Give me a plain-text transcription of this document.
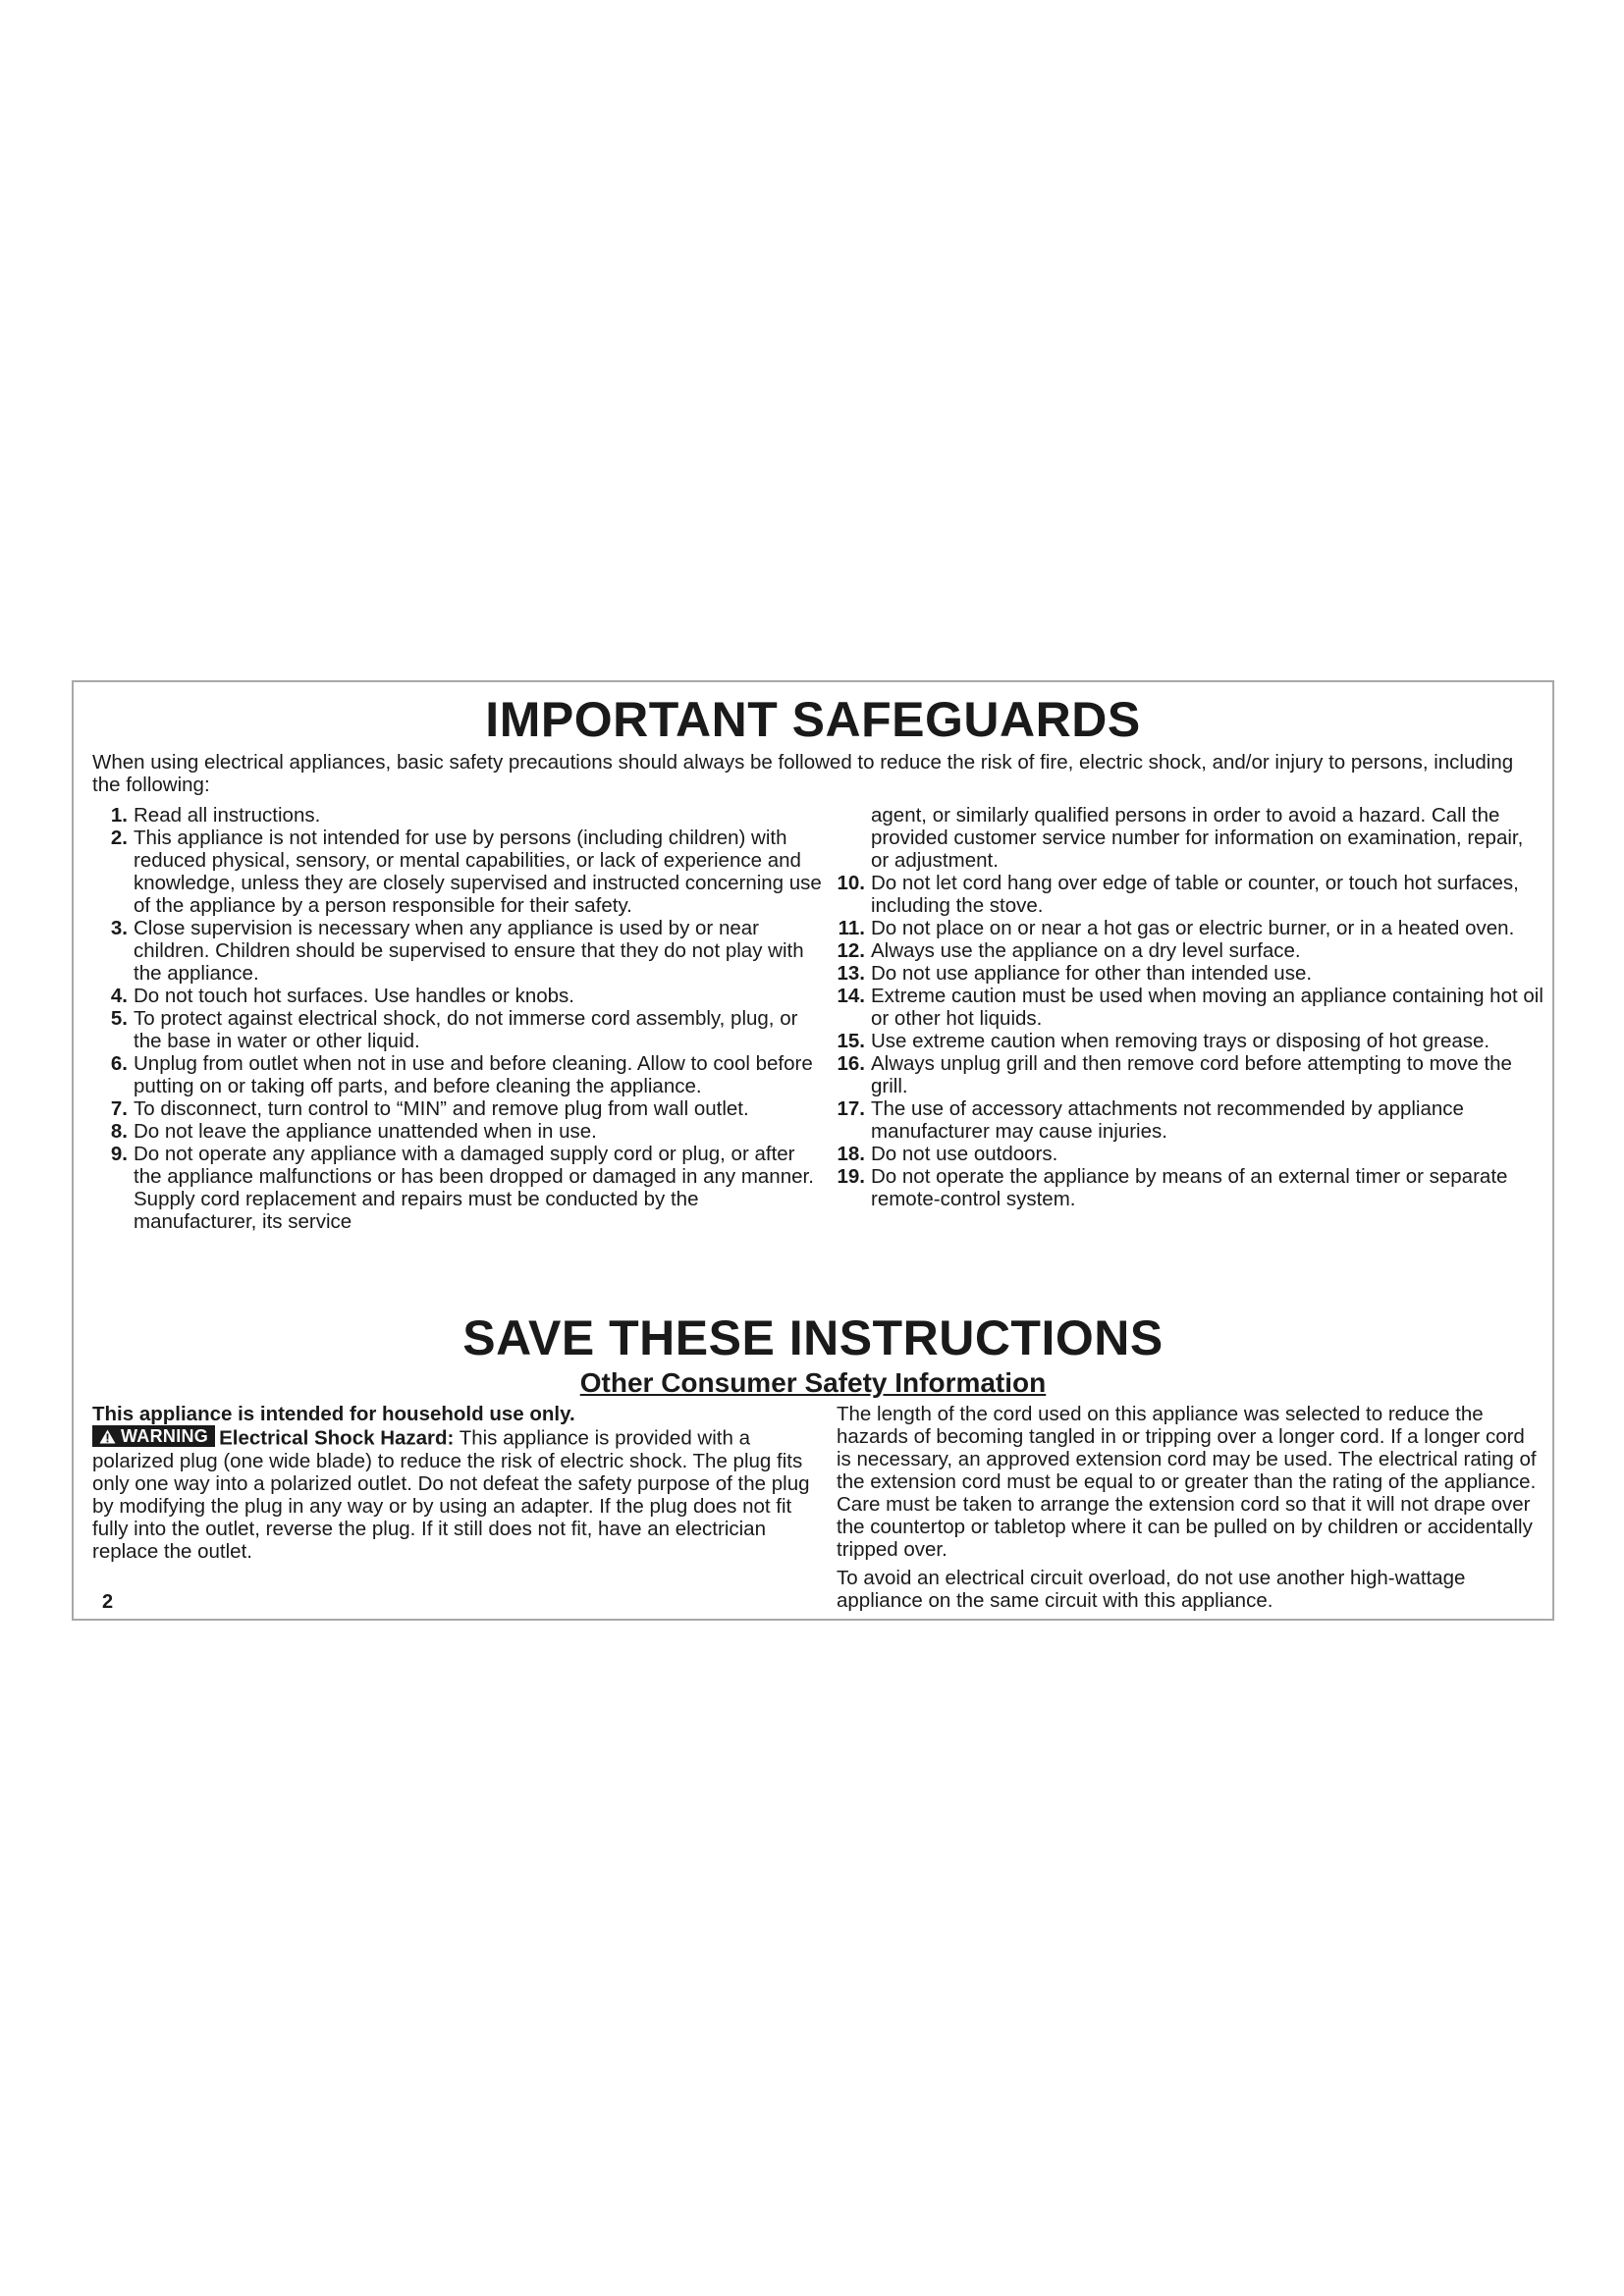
IMPORTANT SAFEGUARDS
When using electrical appliances, basic safety precautions should always be followed to reduce the risk of fire, electric shock, and/or injury to persons, including the following:
1. Read all instructions.
2. This appliance is not intended for use by persons (including children) with reduced physical, sensory, or mental capabilities, or lack of experience and knowledge, unless they are closely supervised and instructed concerning use of the appliance by a person responsible for their safety.
3. Close supervision is necessary when any appliance is used by or near children. Children should be supervised to ensure that they do not play with the appliance.
4. Do not touch hot surfaces. Use handles or knobs.
5. To protect against electrical shock, do not immerse cord assembly, plug, or the base in water or other liquid.
6. Unplug from outlet when not in use and before cleaning. Allow to cool before putting on or taking off parts, and before cleaning the appliance.
7. To disconnect, turn control to “MIN” and remove plug from wall outlet.
8. Do not leave the appliance unattended when in use.
9. Do not operate any appliance with a damaged supply cord or plug, or after the appliance malfunctions or has been dropped or damaged in any manner. Supply cord replacement and repairs must be conducted by the manufacturer, its service
agent, or similarly qualified persons in order to avoid a hazard. Call the provided customer service number for information on examination, repair, or adjustment.
10. Do not let cord hang over edge of table or counter, or touch hot surfaces, including the stove.
11. Do not place on or near a hot gas or electric burner, or in a heated oven.
12. Always use the appliance on a dry level surface.
13. Do not use appliance for other than intended use.
14. Extreme caution must be used when moving an appliance containing hot oil or other hot liquids.
15. Use extreme caution when removing trays or disposing of hot grease.
16. Always unplug grill and then remove cord before attempting to move the grill.
17. The use of accessory attachments not recommended by appliance manufacturer may cause injuries.
18. Do not use outdoors.
19. Do not operate the appliance by means of an external timer or separate remote-control system.
SAVE THESE INSTRUCTIONS
Other Consumer Safety Information
This appliance is intended for household use only.
WARNING Electrical Shock Hazard: This appliance is provided with a polarized plug (one wide blade) to reduce the risk of electric shock. The plug fits only one way into a polarized outlet. Do not defeat the safety purpose of the plug by modifying the plug in any way or by using an adapter. If the plug does not fit fully into the outlet, reverse the plug. If it still does not fit, have an electrician replace the outlet.

The length of the cord used on this appliance was selected to reduce the hazards of becoming tangled in or tripping over a longer cord. If a longer cord is necessary, an approved extension cord may be used. The electrical rating of the extension cord must be equal to or greater than the rating of the appliance. Care must be taken to arrange the extension cord so that it will not drape over the countertop or tabletop where it can be pulled on by children or accidentally tripped over.

To avoid an electrical circuit overload, do not use another high-wattage appliance on the same circuit with this appliance.

2
